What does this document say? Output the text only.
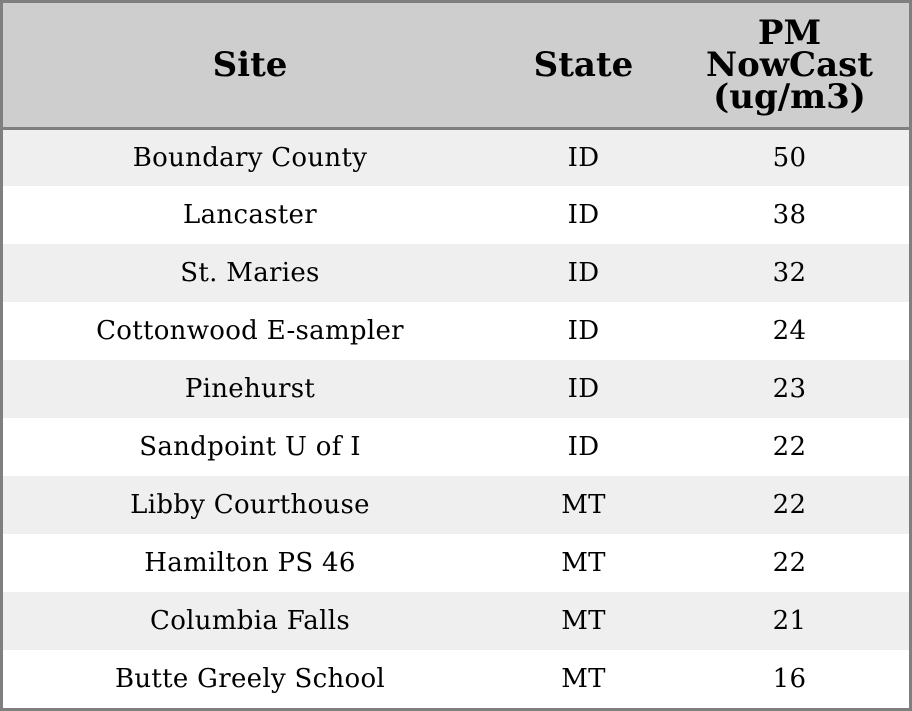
Site	State	PM
NowCast
(ug/m3)

Boundary County	ID	50
Lancaster	ID	38
St. Maries	ID	32
Cottonwood E-sampler	ID	24
Pinehurst	ID	23
Sandpoint U of I	ID	22
Libby Courthouse	MT	22
Hamilton PS 46	MT	22
Columbia Falls	MT	21
Butte Greely School	MT	16
